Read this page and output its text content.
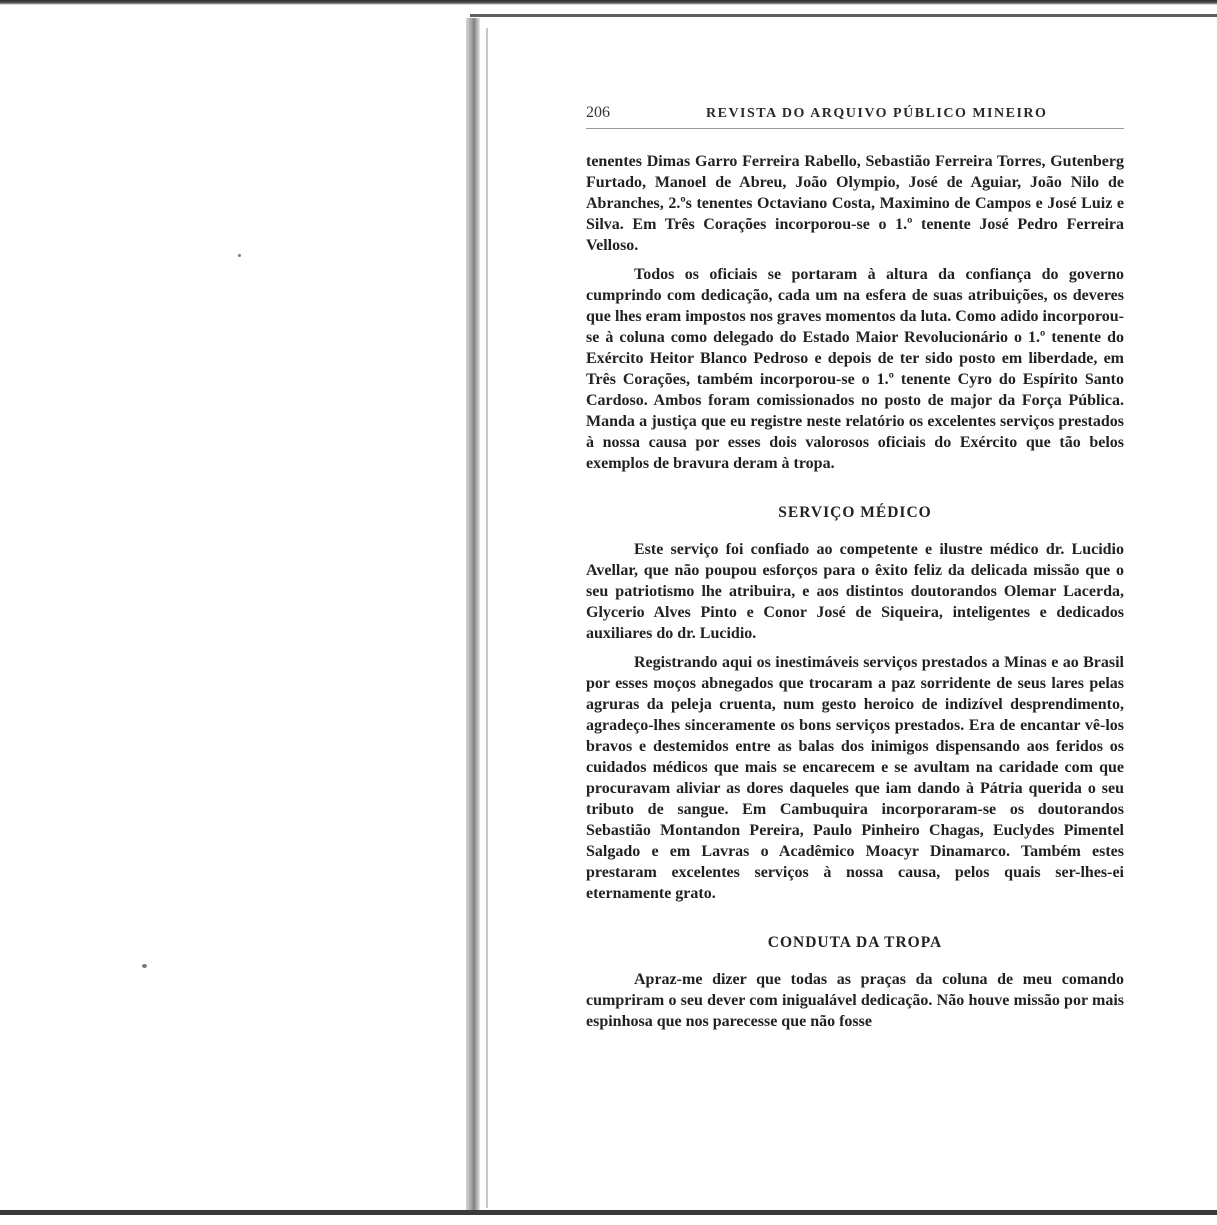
206	REVISTA DO ARQUIVO PÚBLICO MINEIRO

tenentes Dimas Garro Ferreira Rabello, Sebastião Ferreira Torres, Gutenberg Furtado, Manoel de Abreu, João Olympio, José de Aguiar, João Nilo de Abranches, 2.ºs tenentes Octaviano Costa, Maximino de Campos e José Luiz e Silva. Em Três Corações incorporou-se o 1.º tenente José Pedro Ferreira Velloso.

Todos os oficiais se portaram à altura da confiança do governo cumprindo com dedicação, cada um na esfera de suas atribuições, os deveres que lhes eram impostos nos graves momentos da luta. Como adido incorporou-se à coluna como delegado do Estado Maior Revolucionário o 1.º tenente do Exército Heitor Blanco Pedroso e depois de ter sido posto em liberdade, em Três Corações, também incorporou-se o 1.º tenente Cyro do Espírito Santo Cardoso. Ambos foram comissionados no posto de major da Força Pública. Manda a justiça que eu registre neste relatório os excelentes serviços prestados à nossa causa por esses dois valorosos oficiais do Exército que tão belos exemplos de bravura deram à tropa.

SERVIÇO MÉDICO

Este serviço foi confiado ao competente e ilustre médico dr. Lucidio Avellar, que não poupou esforços para o êxito feliz da delicada missão que o seu patriotismo lhe atribuira, e aos distintos doutorandos Olemar Lacerda, Glycerio Alves Pinto e Conor José de Siqueira, inteligentes e dedicados auxiliares do dr. Lucidio.

Registrando aqui os inestimáveis serviços prestados a Minas e ao Brasil por esses moços abnegados que trocaram a paz sorridente de seus lares pelas agruras da peleja cruenta, num gesto heroico de indizível desprendimento, agradeço-lhes sinceramente os bons serviços prestados. Era de encantar vê-los bravos e destemidos entre as balas dos inimigos dispensando aos feridos os cuidados médicos que mais se encarecem e se avultam na caridade com que procuravam aliviar as dores daqueles que iam dando à Pátria querida o seu tributo de sangue. Em Cambuquira incorporaram-se os doutorandos Sebastião Montandon Pereira, Paulo Pinheiro Chagas, Euclydes Pimentel Salgado e em Lavras o Acadêmico Moacyr Dinamarco. Também estes prestaram excelentes serviços à nossa causa, pelos quais ser-lhes-ei eternamente grato.

CONDUTA DA TROPA

Apraz-me dizer que todas as praças da coluna de meu comando cumpriram o seu dever com inigualável dedicação. Não houve missão por mais espinhosa que nos parecesse que não fosse
